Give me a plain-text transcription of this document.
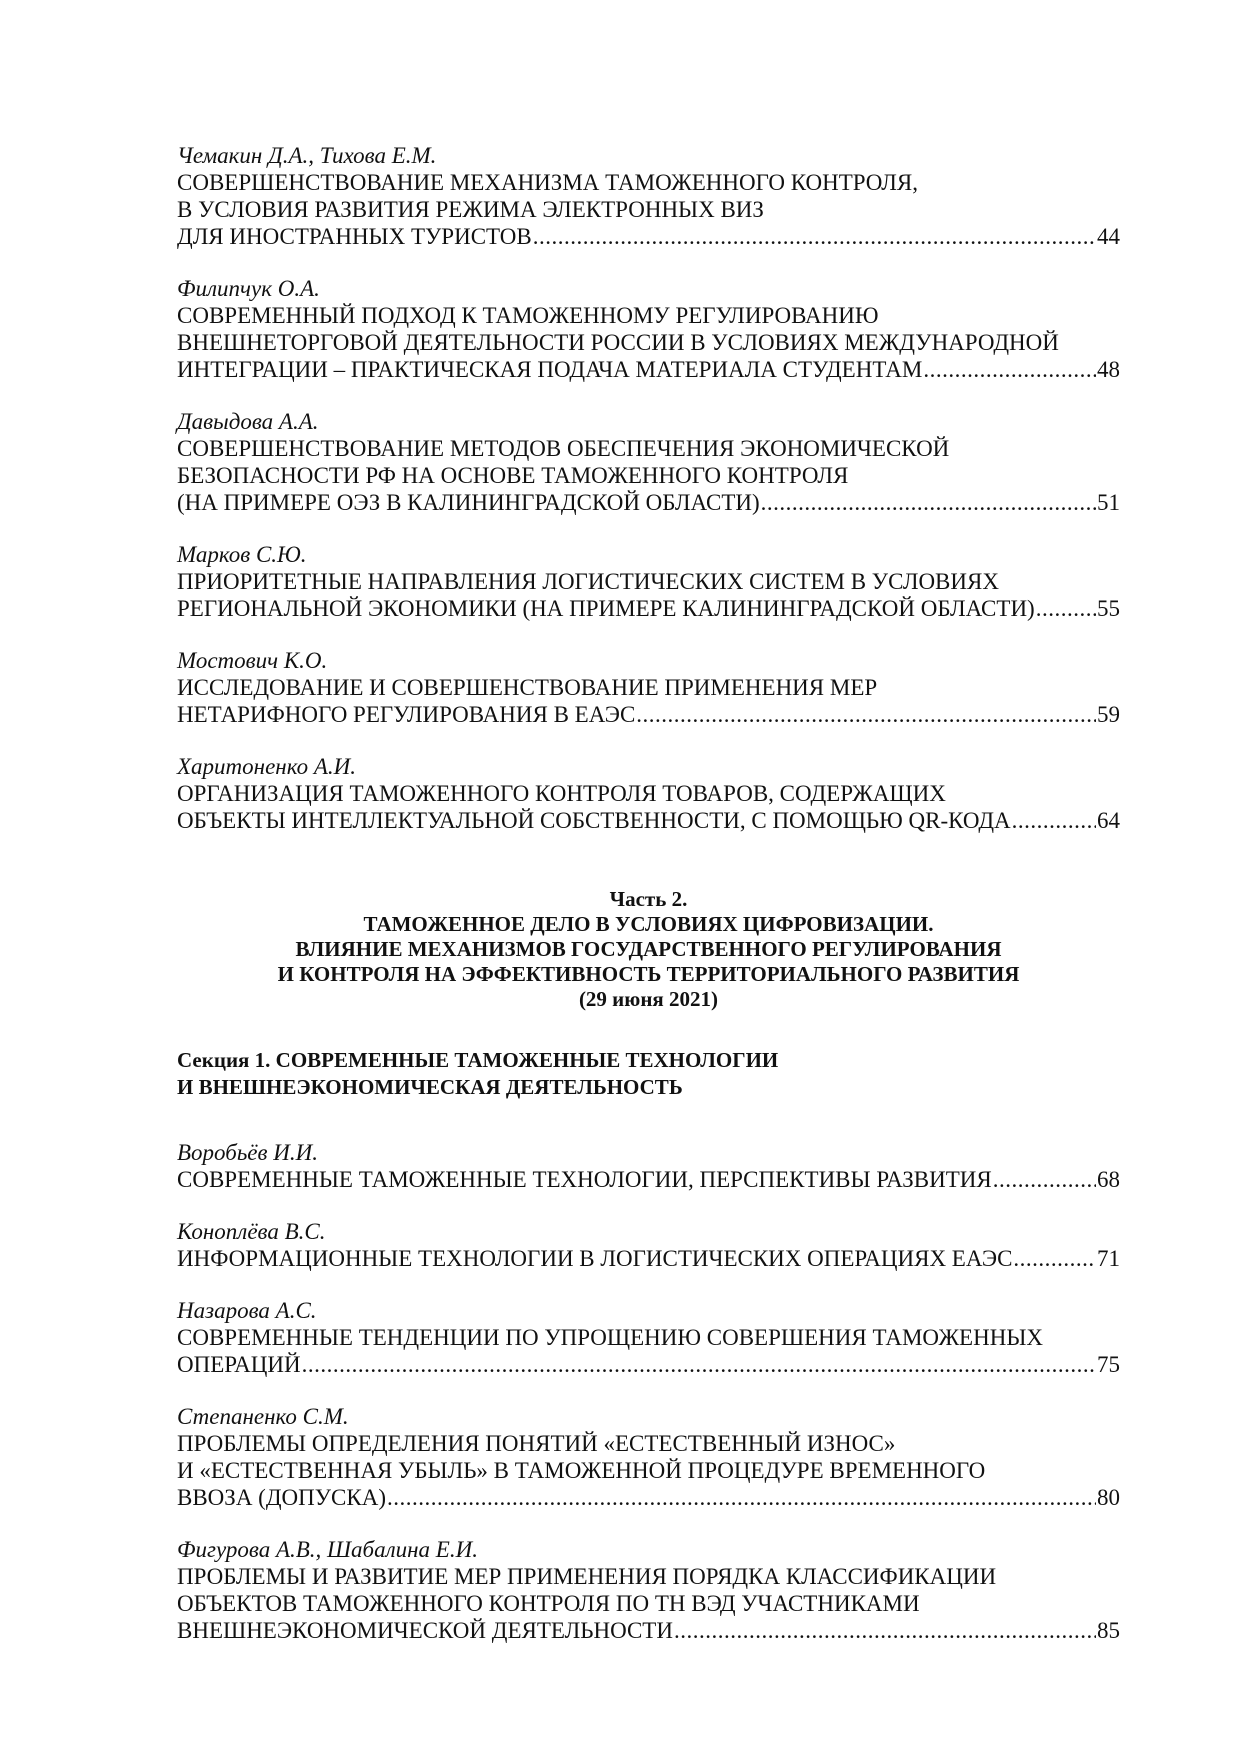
Чемакин Д.А., Тихова Е.М.
СОВЕРШЕНСТВОВАНИЕ МЕХАНИЗМА ТАМОЖЕННОГО КОНТРОЛЯ,
В УСЛОВИЯ РАЗВИТИЯ РЕЖИМА ЭЛЕКТРОННЫХ ВИЗ
ДЛЯ ИНОСТРАННЫХ ТУРИСТОВ .....	44
Филипчук О.А.
СОВРЕМЕННЫЙ ПОДХОД К ТАМОЖЕННОМУ РЕГУЛИРОВАНИЮ
ВНЕШНЕТОРГОВОЙ ДЕЯТЕЛЬНОСТИ РОССИИ В УСЛОВИЯХ МЕЖДУНАРОДНОЙ
ИНТЕГРАЦИИ – ПРАКТИЧЕСКАЯ ПОДАЧА МАТЕРИАЛА СТУДЕНТАМ .....	48
Давыдова А.А.
СОВЕРШЕНСТВОВАНИЕ МЕТОДОВ ОБЕСПЕЧЕНИЯ ЭКОНОМИЧЕСКОЙ
БЕЗОПАСНОСТИ РФ НА ОСНОВЕ ТАМОЖЕННОГО КОНТРОЛЯ
(НА ПРИМЕРЕ ОЭЗ В КАЛИНИНГРАДСКОЙ ОБЛАСТИ) .....	51
Марков С.Ю.
ПРИОРИТЕТНЫЕ НАПРАВЛЕНИЯ ЛОГИСТИЧЕСКИХ СИСТЕМ В УСЛОВИЯХ
РЕГИОНАЛЬНОЙ ЭКОНОМИКИ (НА ПРИМЕРЕ КАЛИНИНГРАДСКОЙ ОБЛАСТИ) .....	55
Мостович К.О.
ИССЛЕДОВАНИЕ И СОВЕРШЕНСТВОВАНИЕ ПРИМЕНЕНИЯ МЕР
НЕТАРИФНОГО РЕГУЛИРОВАНИЯ В ЕАЭС .....	59
Харитоненко А.И.
ОРГАНИЗАЦИЯ ТАМОЖЕННОГО КОНТРОЛЯ ТОВАРОВ, СОДЕРЖАЩИХ
ОБЪЕКТЫ ИНТЕЛЛЕКТУАЛЬНОЙ СОБСТВЕННОСТИ, С ПОМОЩЬЮ QR-КОДА .....	64
Часть 2.
ТАМОЖЕННОЕ ДЕЛО В УСЛОВИЯХ ЦИФРОВИЗАЦИИ.
ВЛИЯНИЕ МЕХАНИЗМОВ ГОСУДАРСТВЕННОГО РЕГУЛИРОВАНИЯ
И КОНТРОЛЯ НА ЭФФЕКТИВНОСТЬ ТЕРРИТОРИАЛЬНОГО РАЗВИТИЯ
(29 июня 2021)
Секция 1. СОВРЕМЕННЫЕ ТАМОЖЕННЫЕ ТЕХНОЛОГИИ
И ВНЕШНЕЭКОНОМИЧЕСКАЯ ДЕЯТЕЛЬНОСТЬ
Воробьёв И.И.
СОВРЕМЕННЫЕ ТАМОЖЕННЫЕ ТЕХНОЛОГИИ, ПЕРСПЕКТИВЫ РАЗВИТИЯ .....	68
Коноплёва В.С.
ИНФОРМАЦИОННЫЕ ТЕХНОЛОГИИ В ЛОГИСТИЧЕСКИХ ОПЕРАЦИЯХ ЕАЭС .....	71
Назарова А.С.
СОВРЕМЕННЫЕ ТЕНДЕНЦИИ ПО УПРОЩЕНИЮ СОВЕРШЕНИЯ ТАМОЖЕННЫХ
ОПЕРАЦИЙ .....	75
Степаненко С.М.
ПРОБЛЕМЫ ОПРЕДЕЛЕНИЯ ПОНЯТИЙ «ЕСТЕСТВЕННЫЙ ИЗНОС»
И «ЕСТЕСТВЕННАЯ УБЫЛЬ» В ТАМОЖЕННОЙ ПРОЦЕДУРЕ ВРЕМЕННОГО
ВВОЗА (ДОПУСКА) .....	80
Фигурова А.В., Шабалина Е.И.
ПРОБЛЕМЫ И РАЗВИТИЕ МЕР ПРИМЕНЕНИЯ ПОРЯДКА КЛАССИФИКАЦИИ
ОБЪЕКТОВ ТАМОЖЕННОГО КОНТРОЛЯ ПО ТН ВЭД УЧАСТНИКАМИ
ВНЕШНЕЭКОНОМИЧЕСКОЙ ДЕЯТЕЛЬНОСТИ .....	85
